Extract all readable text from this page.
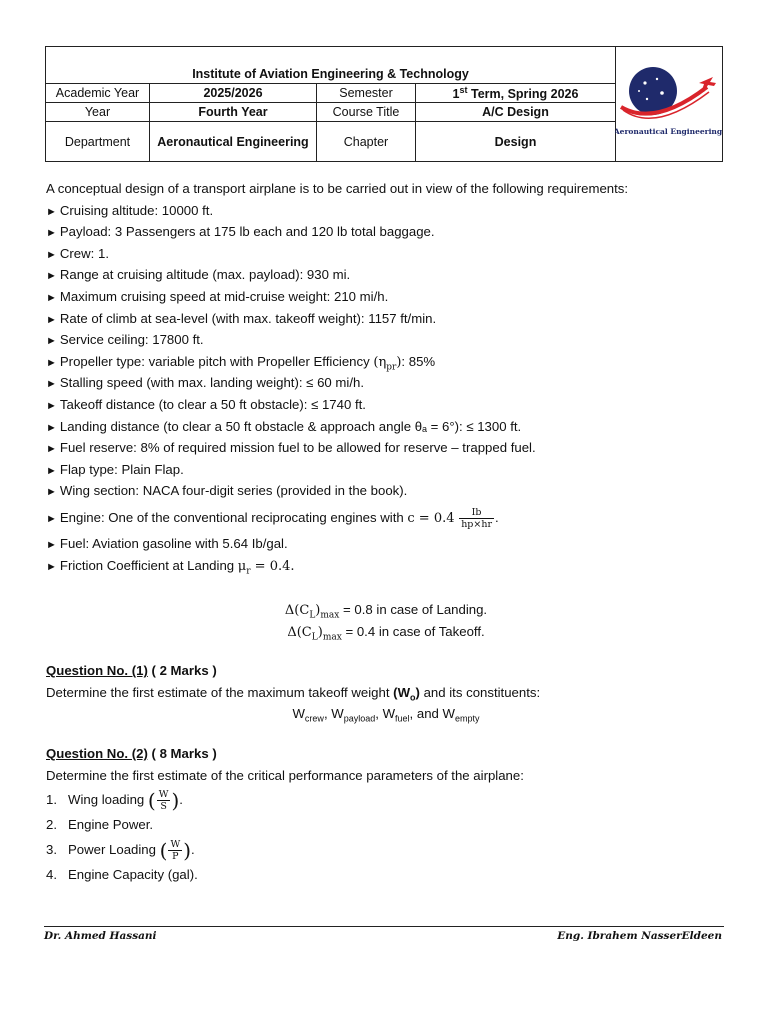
Institute of Aviation Engineering & Technology			
Academic Year	2025/2026	Semester	1st Term, Spring 2026
Year	Fourth Year	Course Title	A/C Design
Department	Aeronautical Engineering	Chapter	Design
Aeronautical Engineering
A conceptual design of a transport airplane is to be carried out in view of the following requirements:
► Cruising altitude: 10000 ft.
► Payload: 3 Passengers at 175 lb each and 120 lb total baggage.
► Crew: 1.
► Range at cruising altitude (max. payload): 930 mi.
► Maximum cruising speed at mid-cruise weight: 210 mi/h.
► Rate of climb at sea-level (with max. takeoff weight): 1157 ft/min.
► Service ceiling: 17800 ft.
► Propeller type: variable pitch with Propeller Efficiency $(\eta_{pr})$: 85%
► Stalling speed (with max. landing weight): ≤ 60 mi/h.
► Takeoff distance (to clear a 50 ft obstacle): ≤ 1740 ft.
► Landing distance (to clear a 50 ft obstacle & approach angle θₐ = 6°): ≤ 1300 ft.
► Fuel reserve: 8% of required mission fuel to be allowed for reserve – trapped fuel.
► Flap type: Plain Flap.
► Wing section: NACA four-digit series (provided in the book).
► Engine: One of the conventional reciprocating engines with $c = 0.4 \frac{Ib}{hp\times hr}$ .
► Fuel: Aviation gasoline with 5.64 Ib/gal.
► Friction Coefficient at Landing $\mu_r = 0.4$.
$\Delta(C_L)_{max} = 0.8$ in case of Landing.
$\Delta(C_L)_{max} = 0.4$ in case of Takeoff.
Question No. (1) ( 2 Marks )
Determine the first estimate of the maximum takeoff weight $(W_o)$ and its constituents:
$W_{crew}$, $W_{payload}$, $W_{fuel}$, and $W_{empty}$
Question No. (2) ( 8 Marks )
Determine the first estimate of the critical performance parameters of the airplane:
1.   Wing loading ( $\frac{W}{S}$ ).
2.   Engine Power.
3.   Power Loading ( $\frac{W}{P}$ ).
4.   Engine Capacity (gal).
Dr. Ahmed Hassani	Eng. Ibrahem NasserEldeen
